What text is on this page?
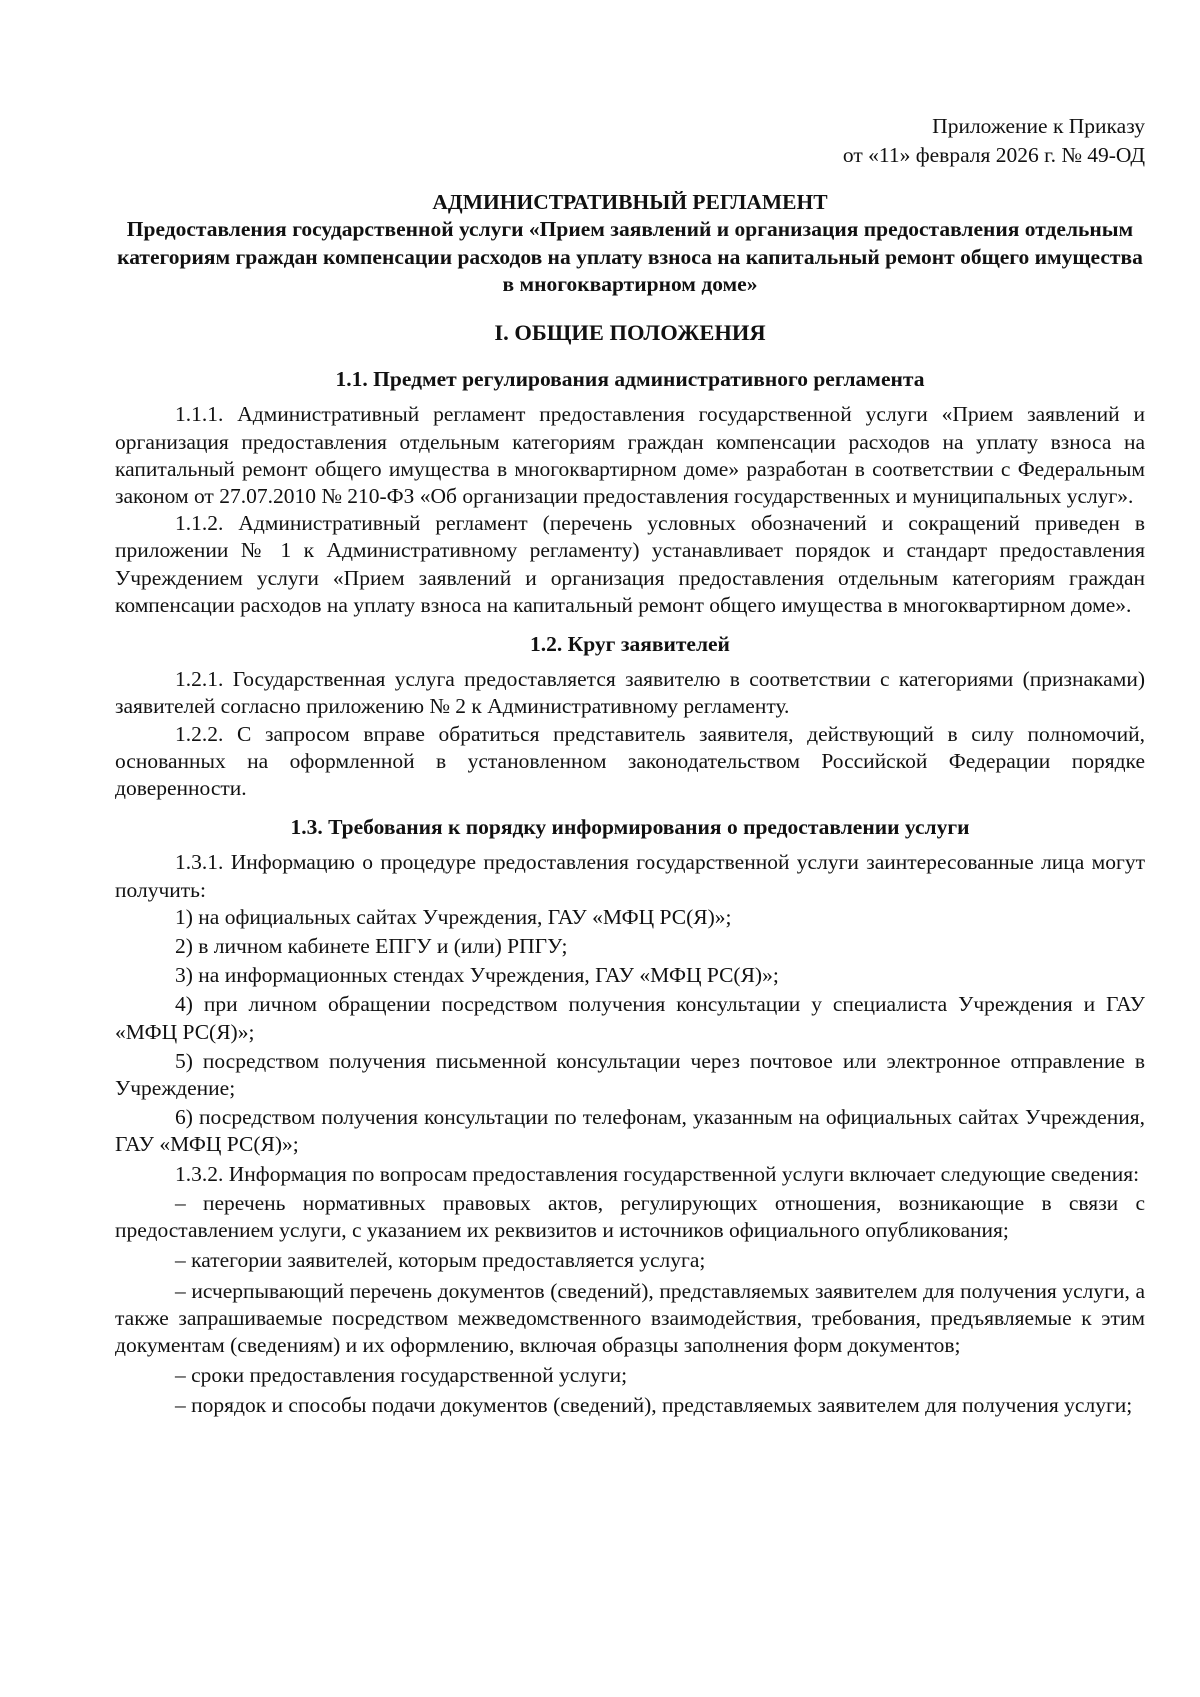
Приложение к Приказу
от «11» февраля 2026 г. № 49-ОД
АДМИНИСТРАТИВНЫЙ РЕГЛАМЕНТ
Предоставления государственной услуги «Прием заявлений и организация предоставления отдельным категориям граждан компенсации расходов на уплату взноса на капитальный ремонт общего имущества в многоквартирном доме»
I. ОБЩИЕ ПОЛОЖЕНИЯ
1.1. Предмет регулирования административного регламента

1.1.1. Административный регламент предоставления государственной услуги «Прием заявлений и организация предоставления отдельным категориям граждан компенсации расходов на уплату взноса на капитальный ремонт общего имущества в многоквартирном доме» разработан в соответствии с Федеральным законом от 27.07.2010 № 210-ФЗ «Об организации предоставления государственных и муниципальных услуг».

1.1.2. Административный регламент (перечень условных обозначений и сокращений приведен в приложении № 1 к Административному регламенту) устанавливает порядок и стандарт предоставления Учреждением услуги «Прием заявлений и организация предоставления отдельным категориям граждан компенсации расходов на уплату взноса на капитальный ремонт общего имущества в многоквартирном доме».

1.2. Круг заявителей

1.2.1. Государственная услуга предоставляется заявителю в соответствии с категориями (признаками) заявителей согласно приложению № 2 к Административному регламенту.

1.2.2. С запросом вправе обратиться представитель заявителя, действующий в силу полномочий, основанных на оформленной в установленном законодательством Российской Федерации порядке доверенности.

1.3. Требования к порядку информирования о предоставлении услуги

1.3.1. Информацию о процедуре предоставления государственной услуги заинтересованные лица могут получить:

1) на официальных сайтах Учреждения, ГАУ «МФЦ РС(Я)»;

2) в личном кабинете ЕПГУ и (или) РПГУ;

3) на информационных стендах Учреждения, ГАУ «МФЦ РС(Я)»;

4) при личном обращении посредством получения консультации у специалиста Учреждения и ГАУ «МФЦ РС(Я)»;

5) посредством получения письменной консультации через почтовое или электронное отправление в Учреждение;

6) посредством получения консультации по телефонам, указанным на официальных сайтах Учреждения, ГАУ «МФЦ РС(Я)»;

1.3.2. Информация по вопросам предоставления государственной услуги включает следующие сведения:

– перечень нормативных правовых актов, регулирующих отношения, возникающие в связи с предоставлением услуги, с указанием их реквизитов и источников официального опубликования;

– категории заявителей, которым предоставляется услуга;

– исчерпывающий перечень документов (сведений), представляемых заявителем для получения услуги, а также запрашиваемые посредством межведомственного взаимодействия, требования, предъявляемые к этим документам (сведениям) и их оформлению, включая образцы заполнения форм документов;

– сроки предоставления государственной услуги;

– порядок и способы подачи документов (сведений), представляемых заявителем для получения услуги;
